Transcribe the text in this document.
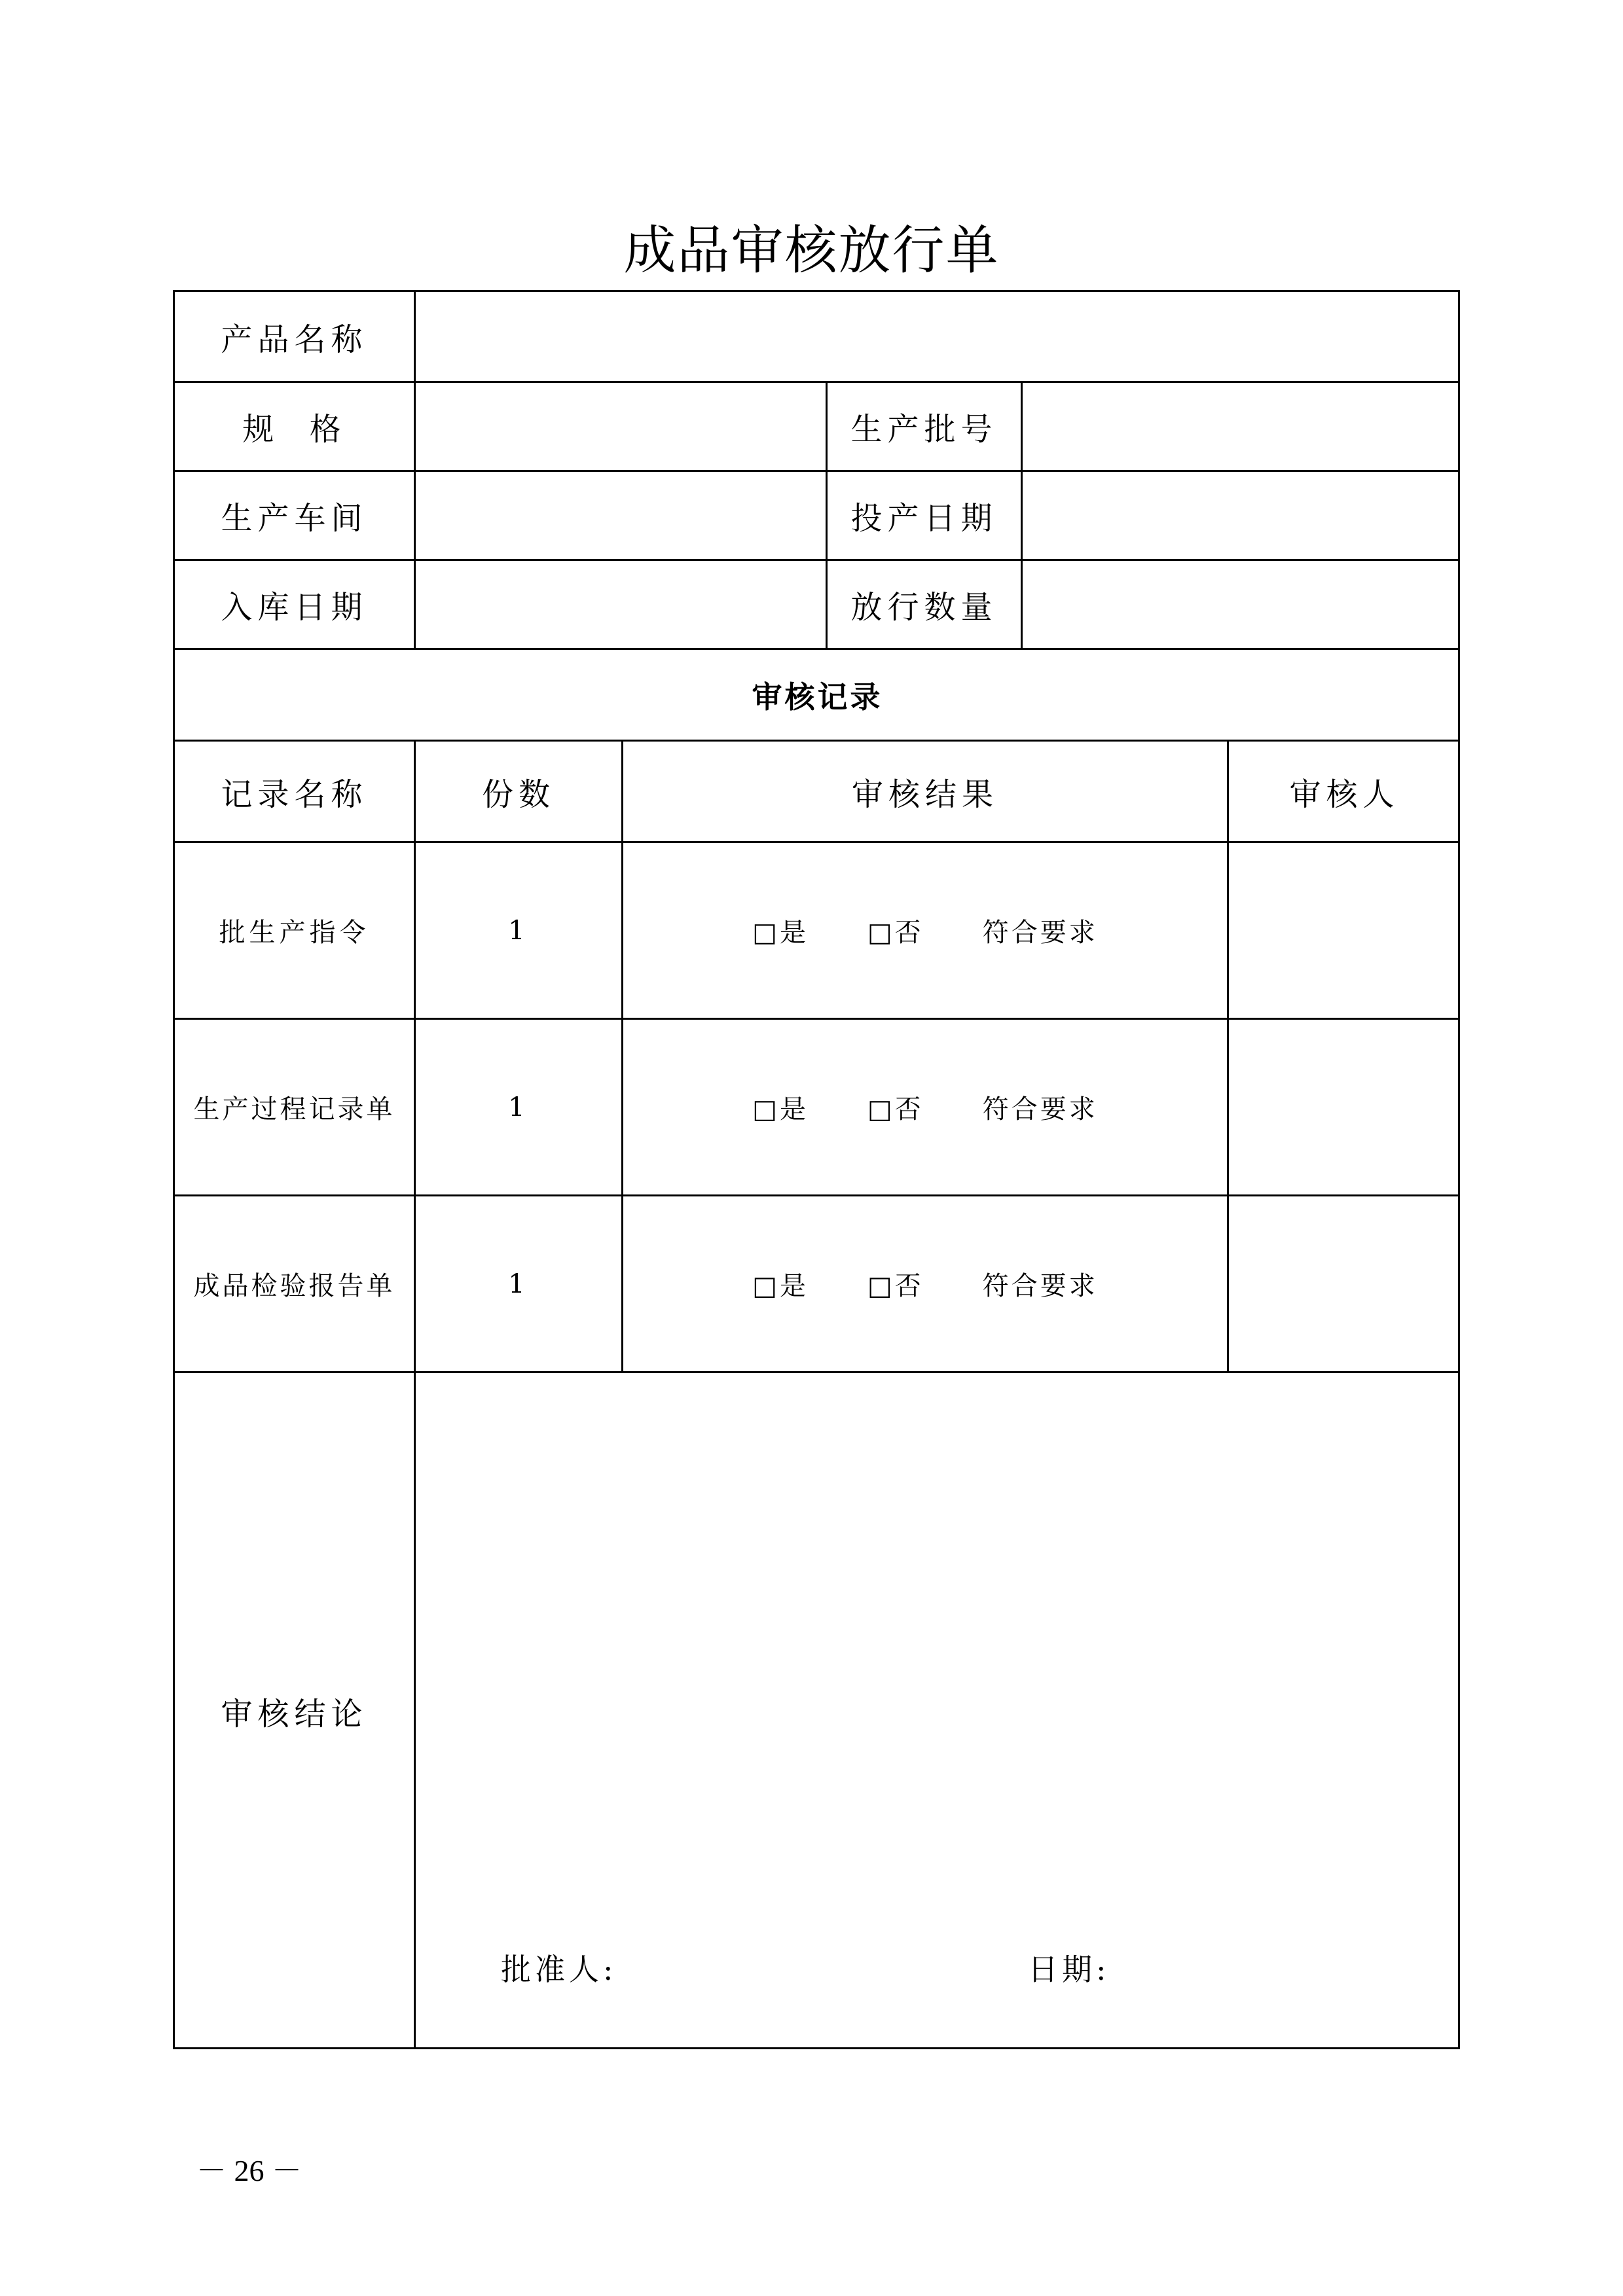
成品审核放行单
产品名称
规  格	生产批号
生产车间	投产日期
入库日期	放行数量
审核记录
记录名称	份数	审核结果	审核人
批生产指令	1	□是 □否 符合要求
生产过程记录单	1	□是 □否 符合要求
成品检验报告单	1	□是 □否 符合要求
审核结论
批准人:	日期:
－ 26 －
